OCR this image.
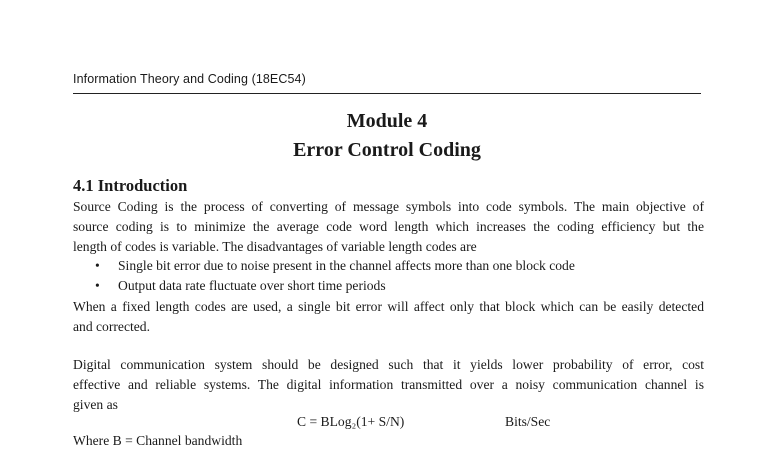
Information Theory and Coding (18EC54)
Module 4
Error Control Coding
4.1 Introduction

Source Coding is the process of converting of message symbols into code symbols. The main objective of

source coding is to minimize the average code word length which increases the coding efficiency but the

length of codes is variable. The disadvantages of variable length codes are

• Single bit error due to noise present in the channel affects more than one block code
• Output data rate fluctuate over short time periods

When a fixed length codes are used, a single bit error will affect only that block which can be easily detected

and corrected.

Digital communication system should be designed such that it yields lower probability of error, cost

effective and reliable systems. The digital information transmitted over a noisy communication channel is

given as

C = BLog₂(1+ S/N)	Bits/Sec
Where B = Channel bandwidth
